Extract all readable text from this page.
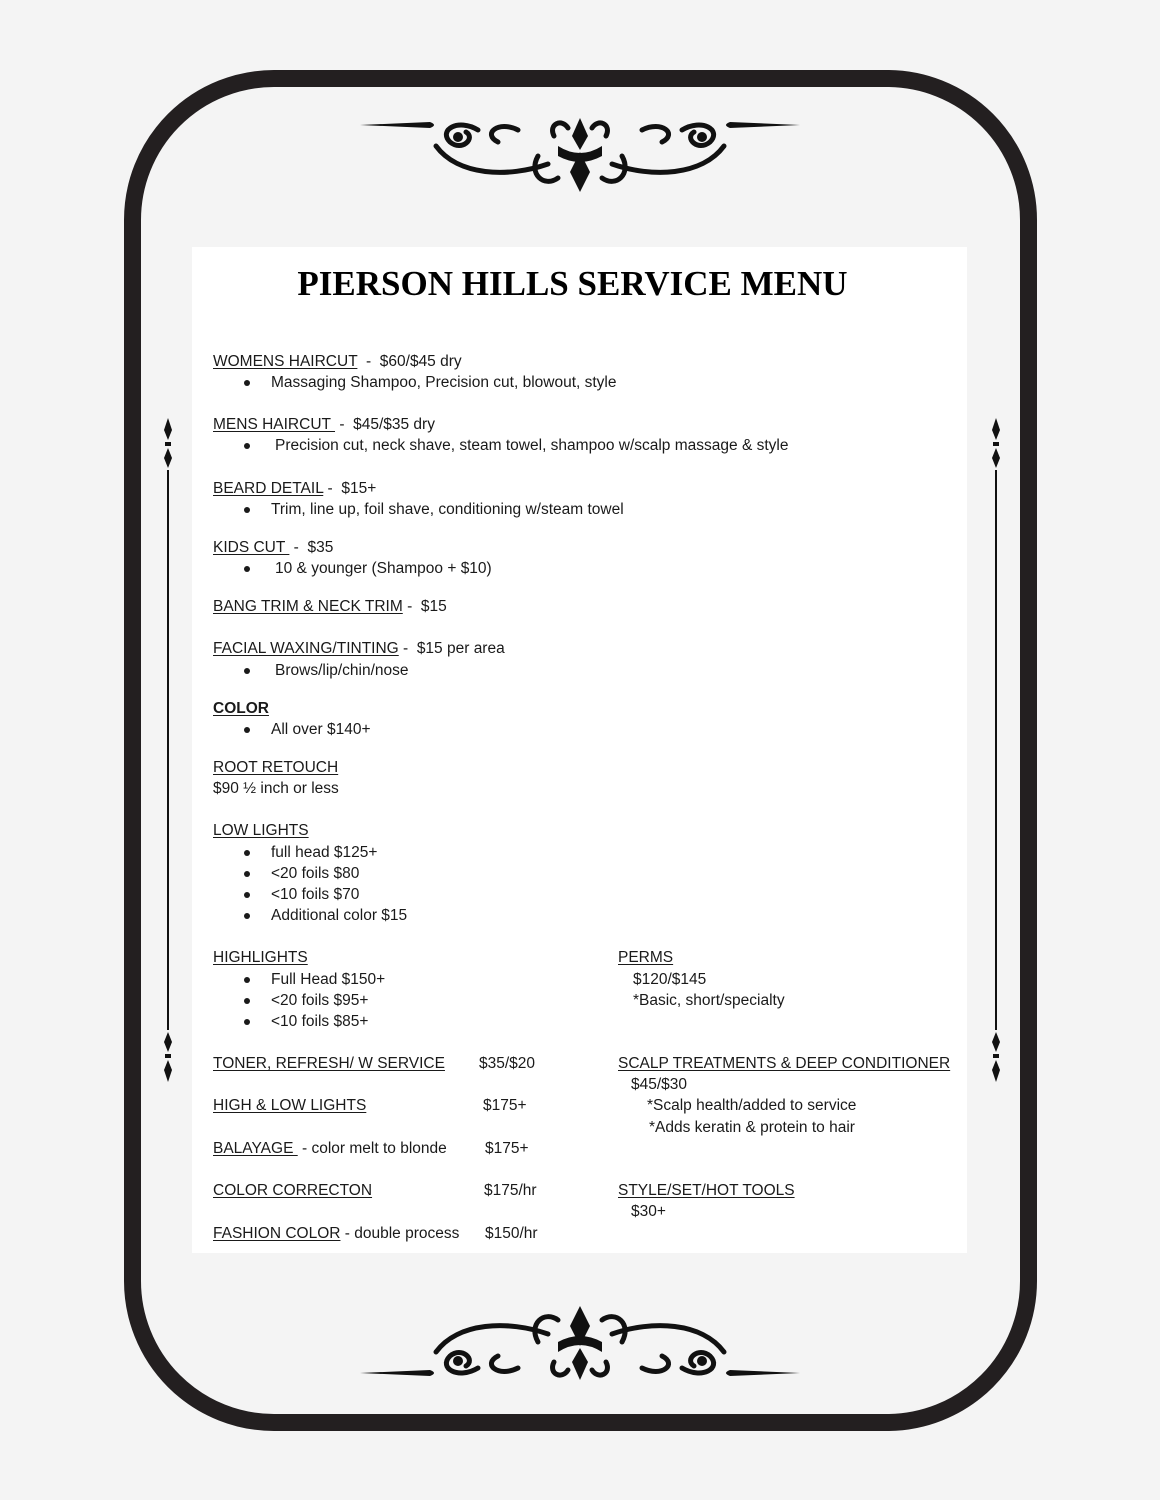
PIERSON HILLS SERVICE MENU
WOMENS HAIRCUT  -  $60/$45 dry
Massaging Shampoo, Precision cut, blowout, style
MENS HAIRCUT  -  $45/$35 dry
Precision cut, neck shave, steam towel, shampoo w/scalp massage & style
BEARD DETAIL -  $15+
Trim, line up, foil shave, conditioning w/steam towel
KIDS CUT  -  $35
10 & younger (Shampoo + $10)
BANG TRIM & NECK TRIM -  $15
FACIAL WAXING/TINTING -  $15 per area
Brows/lip/chin/nose
COLOR
All over $140+
ROOT RETOUCH
$90 ½ inch or less
LOW LIGHTS
full head $125+
<20 foils $80
<10 foils $70
Additional color $15
HIGHLIGHTS
Full Head $150+
<20 foils $95+
<10 foils $85+
PERMS
$120/$145
*Basic, short/specialty
TONER, REFRESH/ W SERVICE $35/$20
HIGH & LOW LIGHTS	$175+
BALAYAGE  - color melt to blonde $175+
COLOR CORRECTON	$175/hr
FASHION COLOR - double process $150/hr
SCALP TREATMENTS & DEEP CONDITIONER
$45/$30
*Scalp health/added to service
*Adds keratin & protein to hair
STYLE/SET/HOT TOOLS
$30+
